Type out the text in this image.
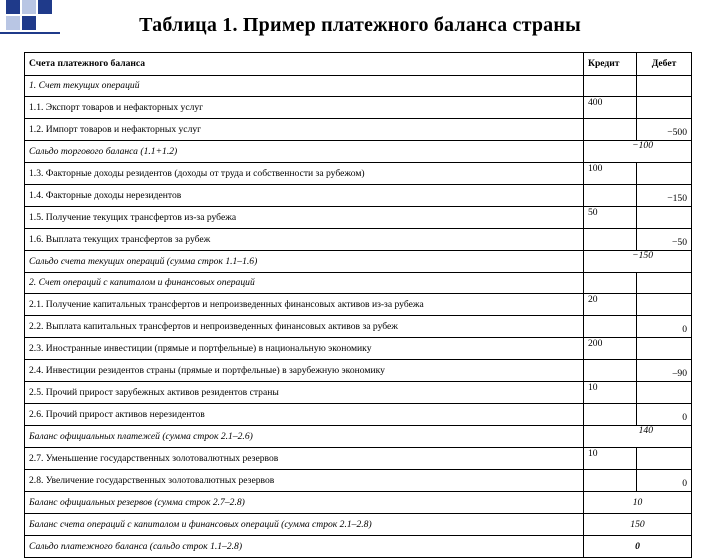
Таблица 1. Пример платежного баланса страны
Счета платежного баланса	Кредит	Дебет
1. Счет текущих операций	

1.1. Экспорт товаров и нефакторных услуг	400	

1.2. Импорт товаров и нефакторных услуг		−500

Сальдо торгового баланса (1.1+1.2)	−100	

1.3. Факторные доходы резидентов (доходы от труда и собственности за рубежом)	100	

1.4. Факторные доходы нерезидентов		−150

1.5. Получение текущих трансфертов из-за рубежа	50	

1.6. Выплата текущих трансфертов за рубеж		−50

Сальдо счета текущих операций (сумма строк 1.1–1.6)	−150	

2. Счет операций с капиталом и финансовых операций	

2.1. Получение капитальных трансфертов и непроизведенных финансовых активов из-за рубежа	20	

2.2. Выплата капитальных трансфертов и непроизведенных финансовых активов за рубеж		0

2.3. Иностранные инвестиции (прямые и портфельные) в национальную экономику	200	

2.4. Инвестиции резидентов страны (прямые и портфельные) в зарубежную экономику		–90

2.5. Прочий прирост зарубежных активов резидентов страны	10	

2.6. Прочий прирост активов нерезидентов		0

Баланс официальных платежей (сумма строк 2.1–2.6)	140	

2.7. Уменьшение государственных золотовалютных резервов	10	

2.8. Увеличение государственных золотовалютных резервов		0

Баланс официальных резервов (сумма строк 2.7–2.8)	10	
Баланс счета операций с капиталом и финансовых операций (сумма строк 2.1–2.8)	150	
Сальдо платежного баланса (сальдо строк 1.1–2.8)	0	
